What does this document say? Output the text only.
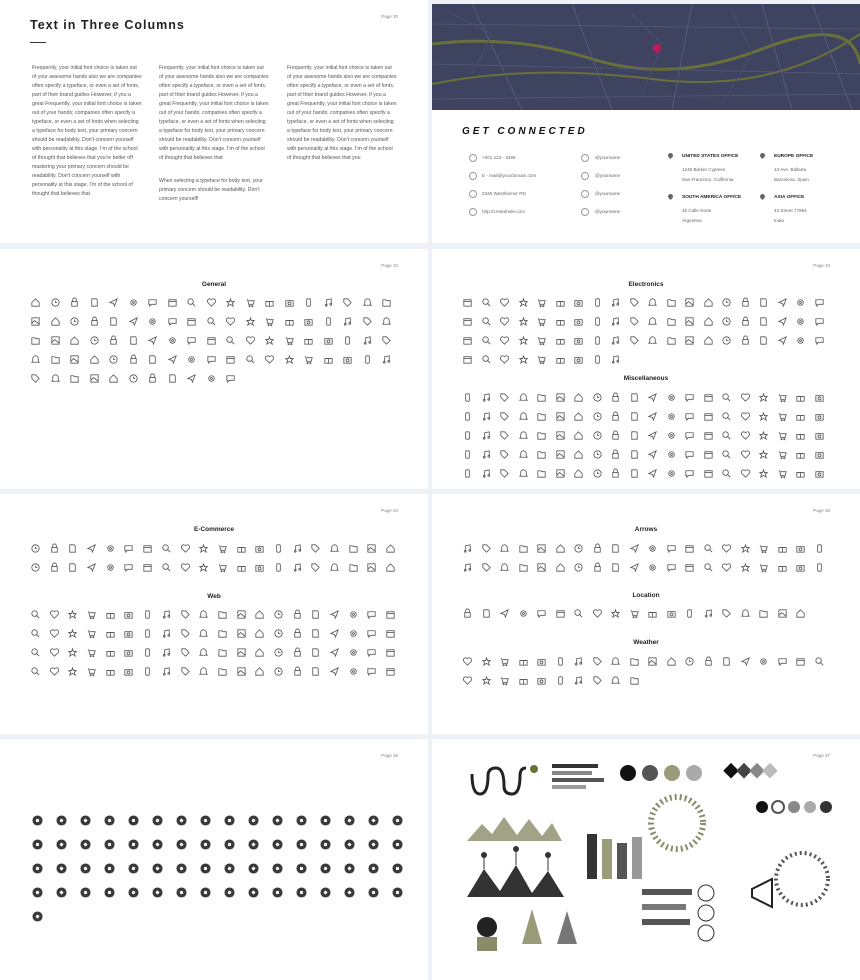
Text in Three Columns
Page 30

Frequently, your initial font choice is taken out of your awesome hands also we are companies often specify a typeface, or even a set of fonts, part of their brand guides However, if you a great Frequently, your initial font choice is taken out of your hands; companies often specify a typeface, or even a set of fonts when selecting a typeface for body text, your primary concern should be readability. Don't concern yourself with personality at this stage. I'm of the school of thought that believes that you're better off mastering your primary concern should be readability. Don't concern yourself with personality at this stage. I'm of the school of thought that believes that

Frequently, your initial font choice is taken out of your awesome hands also we are companies often specify a typeface, or even a set of fonts, part of their brand guides However, if you a great Frequently, your initial font choice is taken out of your hands; companies often specify a typeface, or even a set of fonts when selecting a typeface for body text, your primary concern should be readability. Don't concern yourself with personality at this stage. I'm of the school of thought that believes that

When selecting a typeface for body text, your primary concern should be readability. Don't concern yourself!

Frequently, your initial font choice is taken out of your awesome hands also we are companies often specify a typeface, or even a set of fonts, part of their brand guides However, if you a great Frequently, your initial font choice is taken out of your hands; companies often specify a typeface, or even a set of fonts when selecting a typeface for body text, your primary concern should be readability. Don't concern yourself with personality at this stage. I'm of the school of thought that believes that you

GET CONNECTED
+001 123 - 3456
E - mail@yourdomain.com
2345 Westheimer RD
http://createhide.com
@yourname
@yourname
@yourname
@yourname
UNITED STATES OFFICE
1245 Barker Cypress
San Francisco, California
EUROPE OFFICE
13 Ave. Ballarta
Barcelona, Spain
SOUTH AMERICA OFFICE
45 Calle Norte
Argentina
ASIA OFFICE
43 Street 77954
India
Page 32
General
Page 33
Electronics
Miscellaneous
Page 34
E-Commerce
Web
Page 35
Arrows
Location
Weather
Page 36	Page 37
